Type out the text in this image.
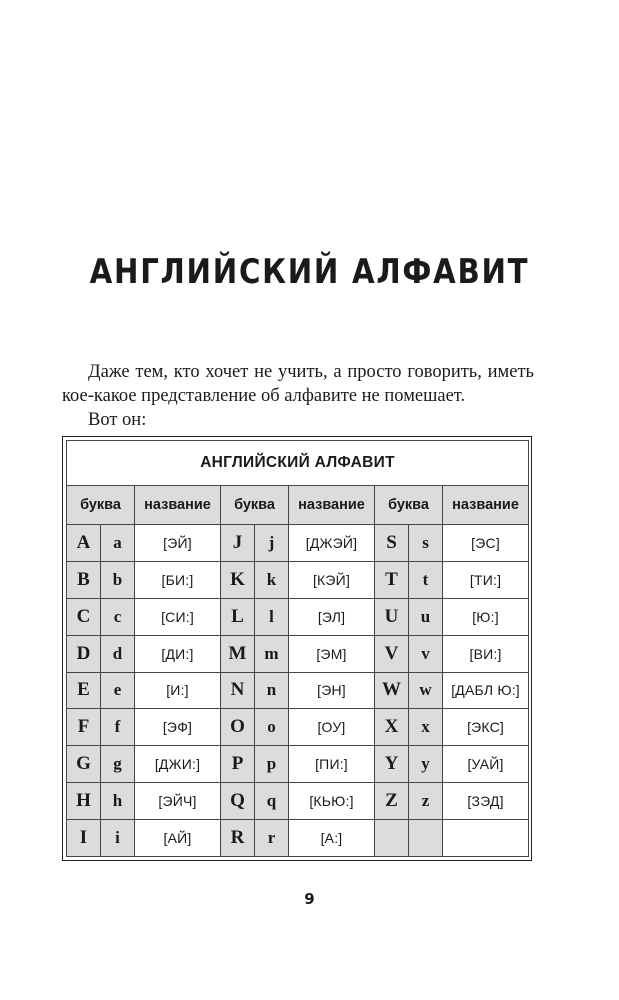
АНГЛИЙСКИЙ АЛФАВИТ

Даже тем, кто хочет не учить, а просто говорить, иметь кое-какое представление об алфавите не помешает.

Вот он:

АНГЛИЙСКИЙ АЛФАВИТ								
буква		название	буква		название	буква		название
A	a	[ЭЙ]	J	j	[ДЖЭЙ]	S	s	[ЭС]
B	b	[БИ:]	K	k	[КЭЙ]	T	t	[ТИ:]
C	c	[СИ:]	L	l	[ЭЛ]	U	u	[Ю:]
D	d	[ДИ:]	M	m	[ЭМ]	V	v	[ВИ:]
E	e	[И:]	N	n	[ЭН]	W	w	[ДАБЛ Ю:]
F	f	[ЭФ]	O	o	[ОУ]	X	x	[ЭКС]
G	g	[ДЖИ:]	P	p	[ПИ:]	Y	y	[УАЙ]
H	h	[ЭЙЧ]	Q	q	[КЬЮ:]	Z	z	[ЗЭД]
I	i	[АЙ]	R	r	[А:]			
9
